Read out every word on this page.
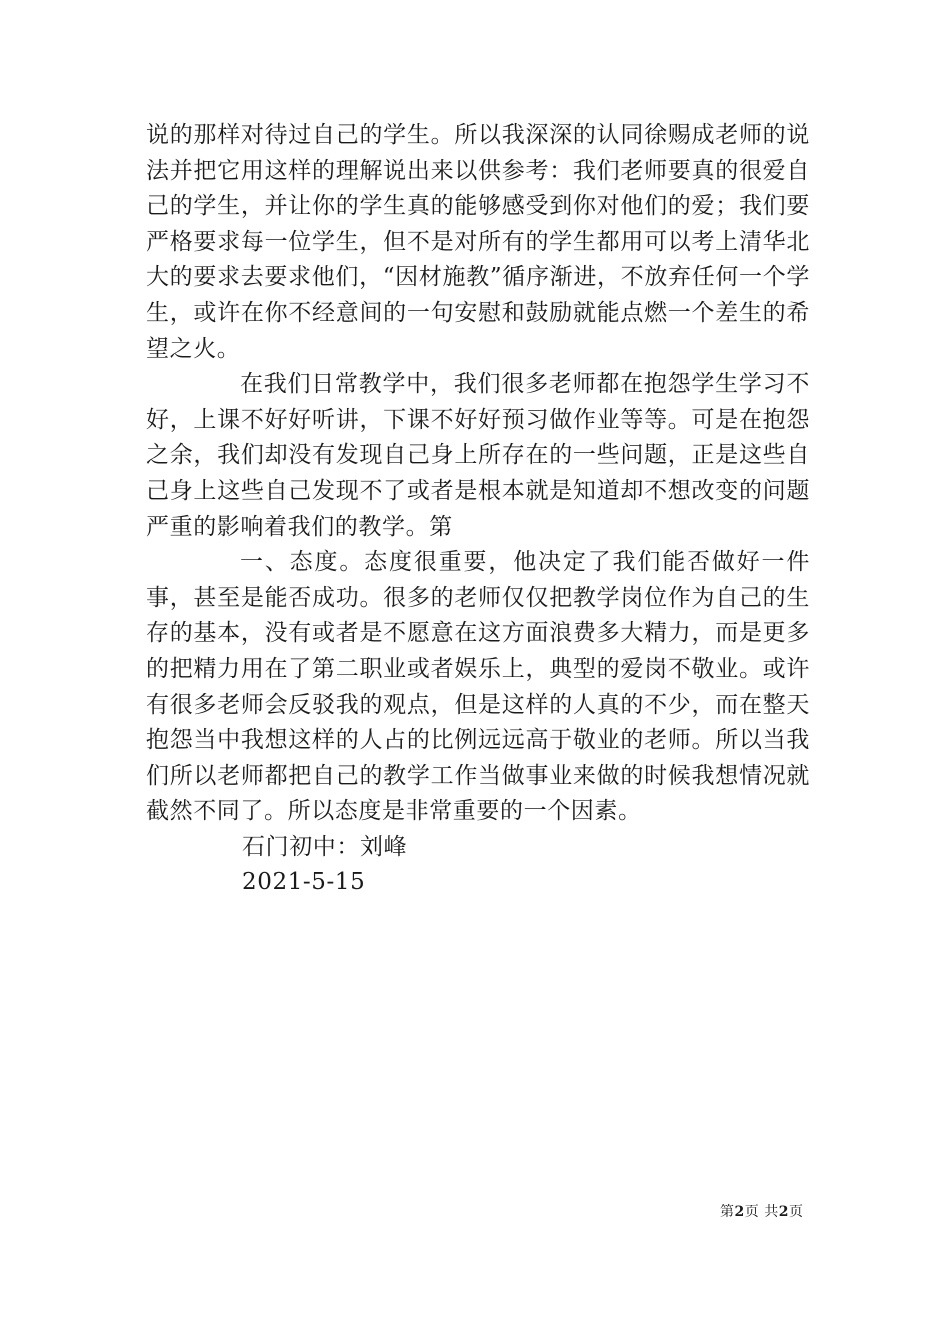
说的那样对待过自己的学生。所以我深深的认同徐赐成老师的说法并把它用这样的理解说出来以供参考：我们老师要真的很爱自己的学生，并让你的学生真的能够感受到你对他们的爱；我们要严格要求每一位学生，但不是对所有的学生都用可以考上清华北大的要求去要求他们，“因材施教”循序渐进，不放弃任何一个学生，或许在你不经意间的一句安慰和鼓励就能点燃一个差生的希望之火。

在我们日常教学中，我们很多老师都在抱怨学生学习不好，上课不好好听讲，下课不好好预习做作业等等。可是在抱怨之余，我们却没有发现自己身上所存在的一些问题，正是这些自己身上这些自己发现不了或者是根本就是知道却不想改变的问题严重的影响着我们的教学。第

一、态度。态度很重要，他决定了我们能否做好一件事，甚至是能否成功。很多的老师仅仅把教学岗位作为自己的生存的基本，没有或者是不愿意在这方面浪费多大精力，而是更多的把精力用在了第二职业或者娱乐上，典型的爱岗不敬业。或许有很多老师会反驳我的观点，但是这样的人真的不少，而在整天抱怨当中我想这样的人占的比例远远高于敬业的老师。所以当我们所以老师都把自己的教学工作当做事业来做的时候我想情况就截然不同了。所以态度是非常重要的一个因素。

石门初中：刘峰

2021-5-15

第2页 共2页
